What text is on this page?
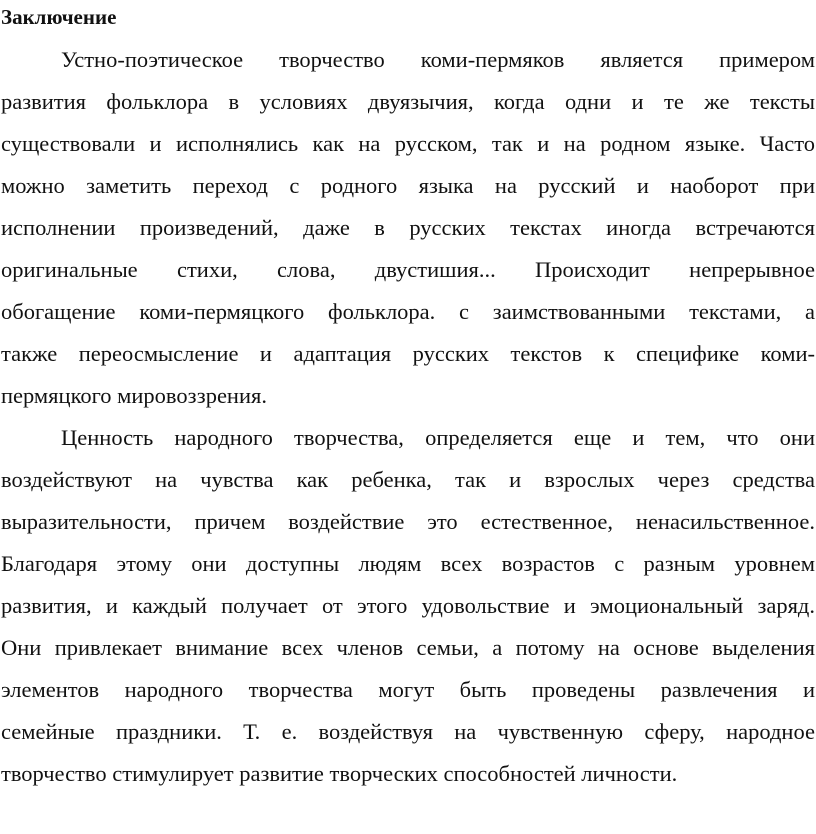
Заключение
Устно-поэтическое творчество коми-пермяков является примером
развития фольклора в условиях двуязычия, когда одни и те же тексты
существовали и исполнялись как на русском, так и на родном языке. Часто
можно заметить переход с родного языка на русский и наоборот при
исполнении произведений, даже в русских текстах иногда встречаются
оригинальные стихи, слова, двустишия... Происходит непрерывное
обогащение коми-пермяцкого фольклора. с заимствованными текстами, а
также переосмысление и адаптация русских текстов к специфике коми-
пермяцкого мировоззрения.
Ценность народного творчества, определяется еще и тем, что они
воздействуют на чувства как ребенка, так и взрослых через средства
выразительности, причем воздействие это естественное, ненасильственное.
Благодаря этому они доступны людям всех возрастов с разным уровнем
развития, и каждый получает от этого удовольствие и эмоциональный заряд.
Они привлекает внимание всех членов семьи, а потому на основе выделения
элементов народного творчества могут быть проведены развлечения и
семейные праздники. Т. е. воздействуя на чувственную сферу, народное
творчество стимулирует развитие творческих способностей личности.
